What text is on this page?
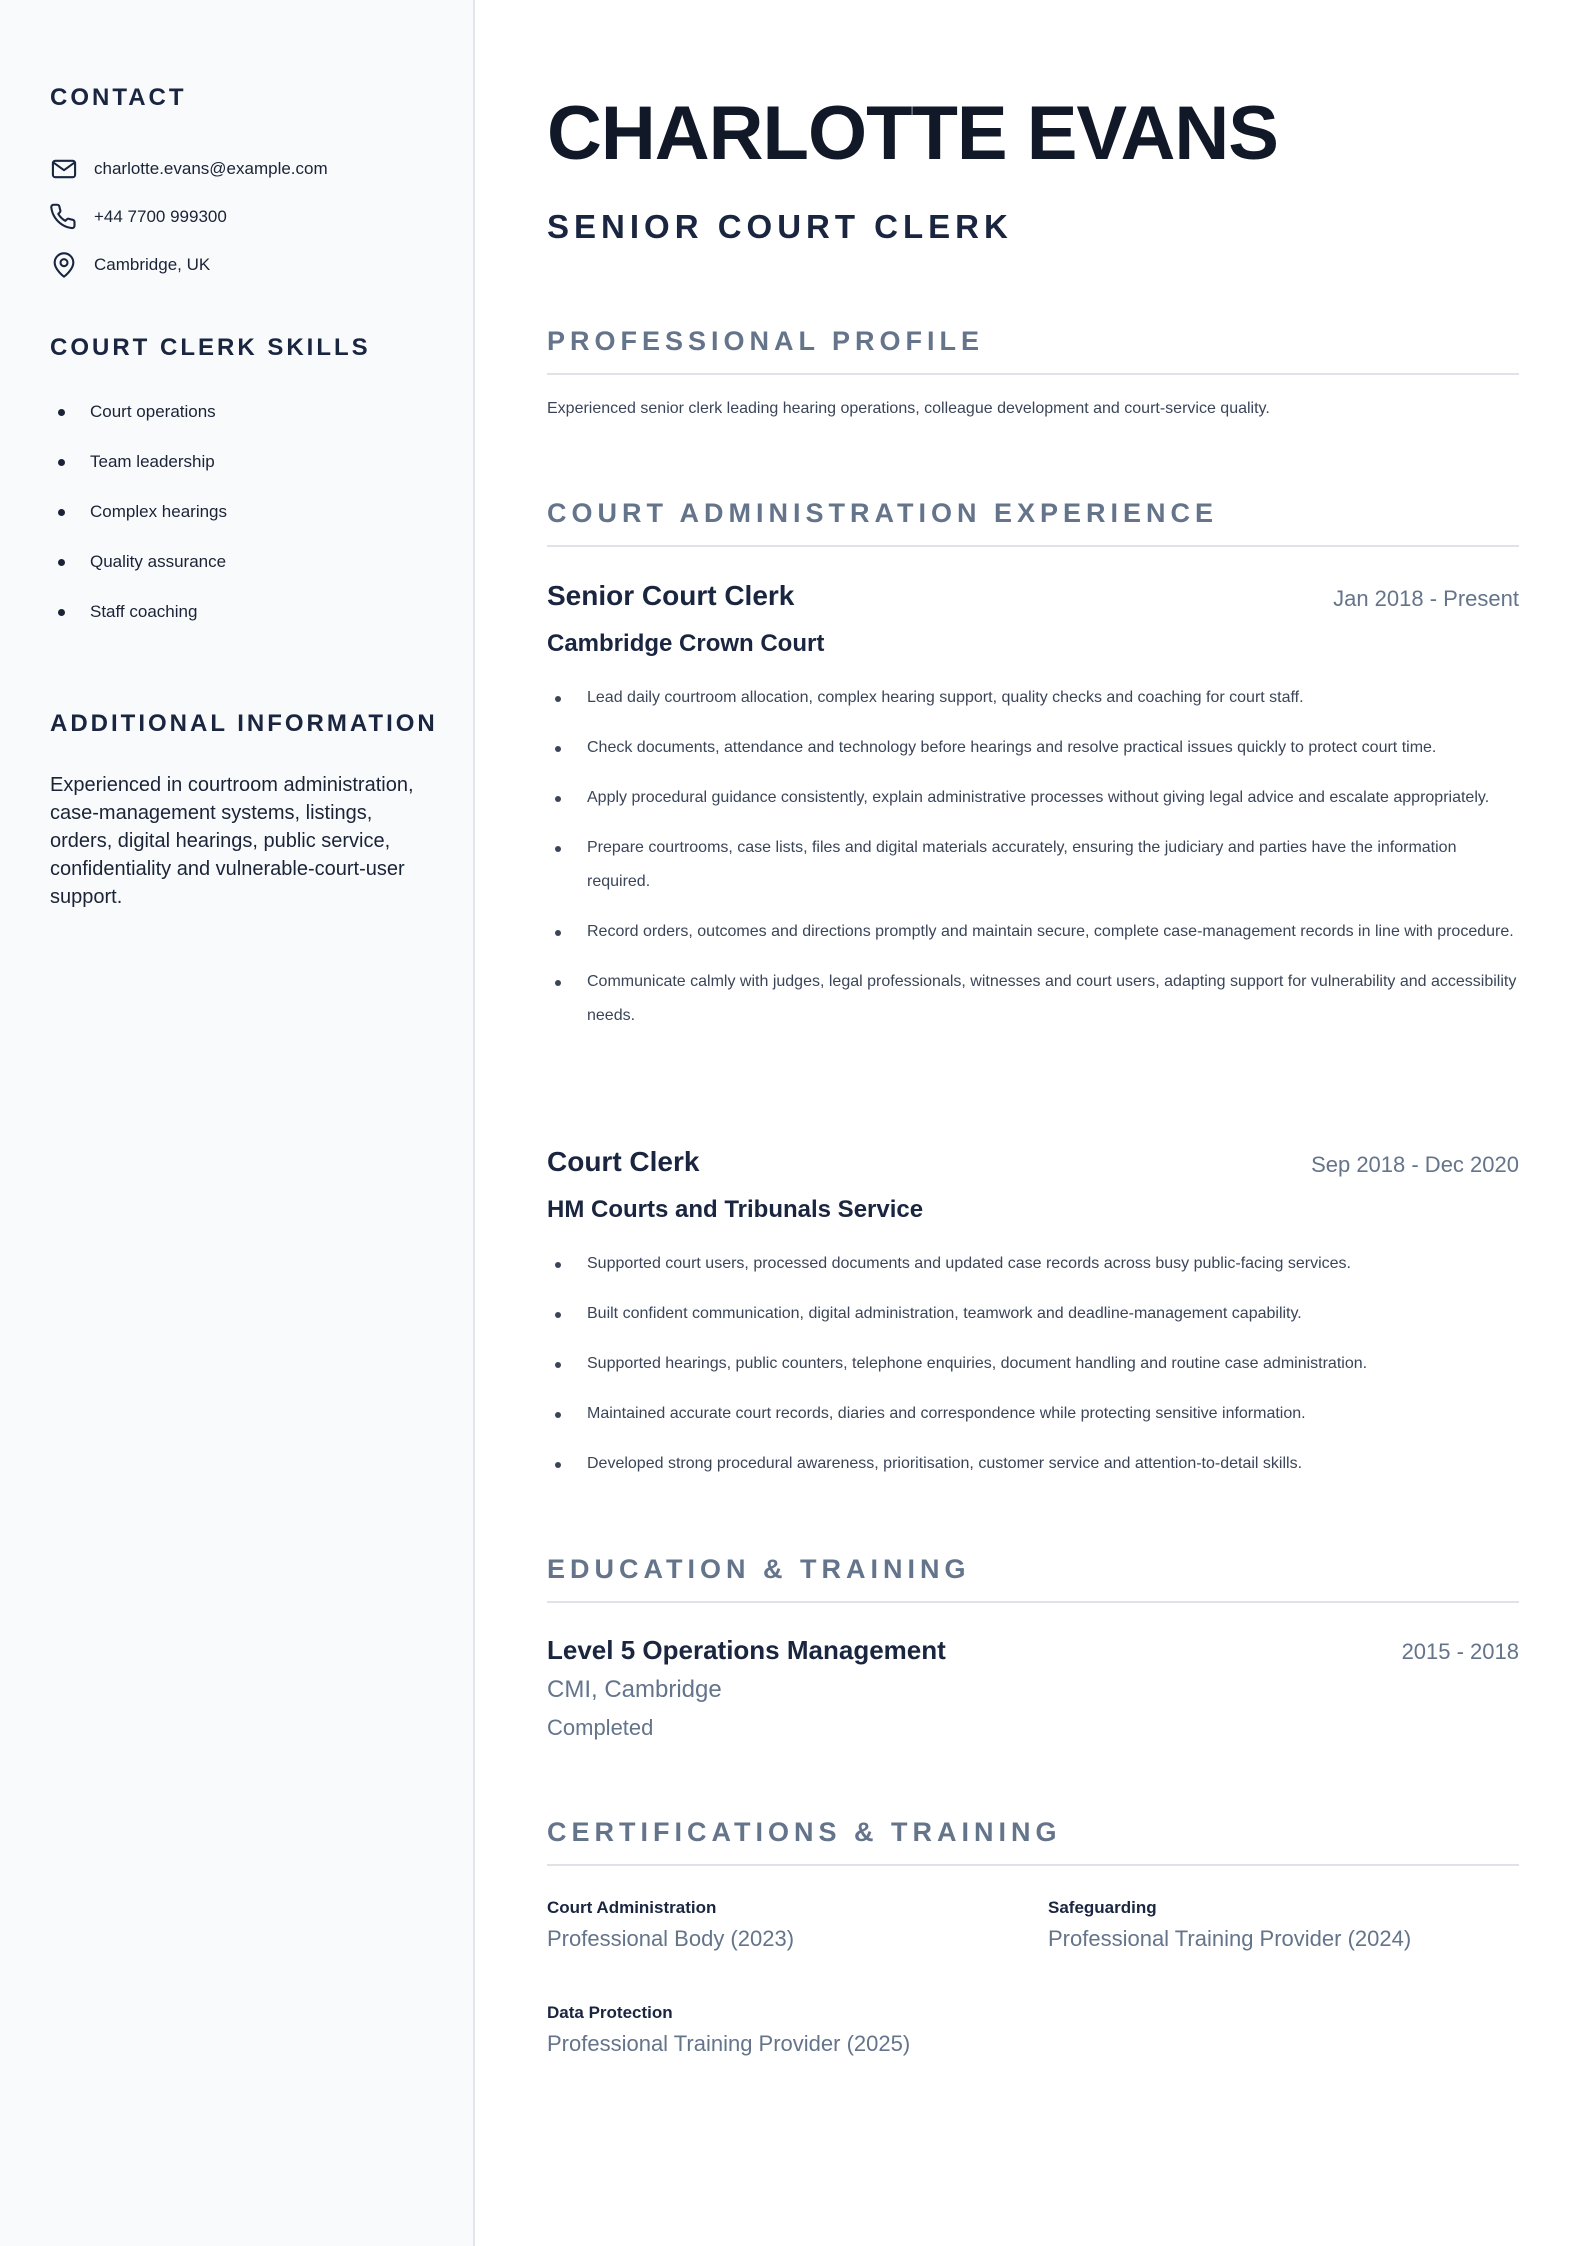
CONTACT
charlotte.evans@example.com
+44 7700 999300
Cambridge, UK
COURT CLERK SKILLS
Court operations
Team leadership
Complex hearings
Quality assurance
Staff coaching
ADDITIONAL INFORMATION

Experienced in courtroom administration, case-management systems, listings, orders, digital hearings, public service, confidentiality and vulnerable-court-user support.

CHARLOTTE EVANS
SENIOR COURT CLERK
PROFESSIONAL PROFILE

Experienced senior clerk leading hearing operations, colleague development and court-service quality.

COURT ADMINISTRATION EXPERIENCE
Senior Court Clerk	Jan 2018 - Present
Cambridge Crown Court
Lead daily courtroom allocation, complex hearing support, quality checks and coaching for court staff.
Check documents, attendance and technology before hearings and resolve practical issues quickly to protect court time.
Apply procedural guidance consistently, explain administrative processes without giving legal advice and escalate appropriately.
Prepare courtrooms, case lists, files and digital materials accurately, ensuring the judiciary and parties have the information required.
Record orders, outcomes and directions promptly and maintain secure, complete case-management records in line with procedure.
Communicate calmly with judges, legal professionals, witnesses and court users, adapting support for vulnerability and accessibility needs.
Court Clerk	Sep 2018 - Dec 2020
HM Courts and Tribunals Service
Supported court users, processed documents and updated case records across busy public-facing services.
Built confident communication, digital administration, teamwork and deadline-management capability.
Supported hearings, public counters, telephone enquiries, document handling and routine case administration.
Maintained accurate court records, diaries and correspondence while protecting sensitive information.
Developed strong procedural awareness, prioritisation, customer service and attention-to-detail skills.
EDUCATION & TRAINING
Level 5 Operations Management	2015 - 2018
CMI, Cambridge
Completed
CERTIFICATIONS & TRAINING
Court Administration
Professional Body (2023)
Safeguarding
Professional Training Provider (2024)
Data Protection
Professional Training Provider (2025)
